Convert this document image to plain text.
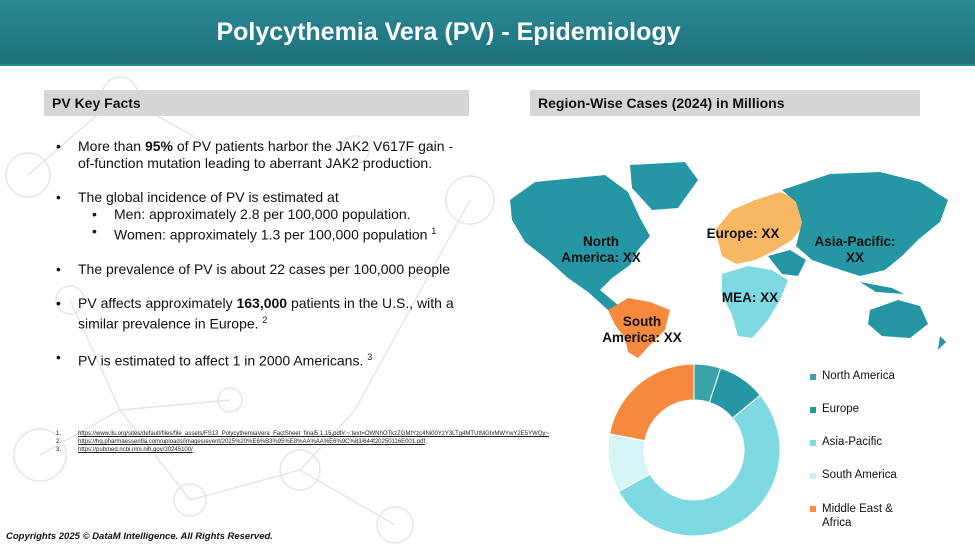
Polycythemia Vera (PV) - Epidemiology
PV Key Facts	Region-Wise Cases (2024) in Millions
• More than 95% of PV patients harbor the JAK2 V617F gain - of-function mutation leading to aberrant JAK2 production.
• The global incidence of PV is estimated at
• Men: approximately 2.8 per 100,000 population.
• Women: approximately 1.3 per 100,000 population $^1$
• The prevalence of PV is about 22 cases per 100,000 people
• PV affects approximately 163,000 patients in the U.S., with a similar prevalence in Europe. $^2$
• PV is estimated to affect 1 in 2000 Americans. $^3$
1.	https://www.lls.org/sites/default/files/file_assets/FS13_PolycythemiaVera_FactSheet_final5.1.15.pdf#:~:text=OWNhOTkzZGMtYzc4Ni00YzY3LTg4MTUtMGIxMWYwY2E5YWQy~
2.	https://hq.pharmaessentia.com/uploads/images/event/2025%20%E6%B3%95%E8%AA%AA%E6%9C%83/644f20250116E001.pdf
3.	https://pubmed.ncbi.nlm.nih.gov/30245100/
North America: XX
Europe: XX
Asia-Pacific: XX
MEA: XX
South America: XX
North America
Europe
Asia-Pacific
South America
Middle East & Africa
Copyrights 2025 © DataM Intelligence. All Rights Reserved.
